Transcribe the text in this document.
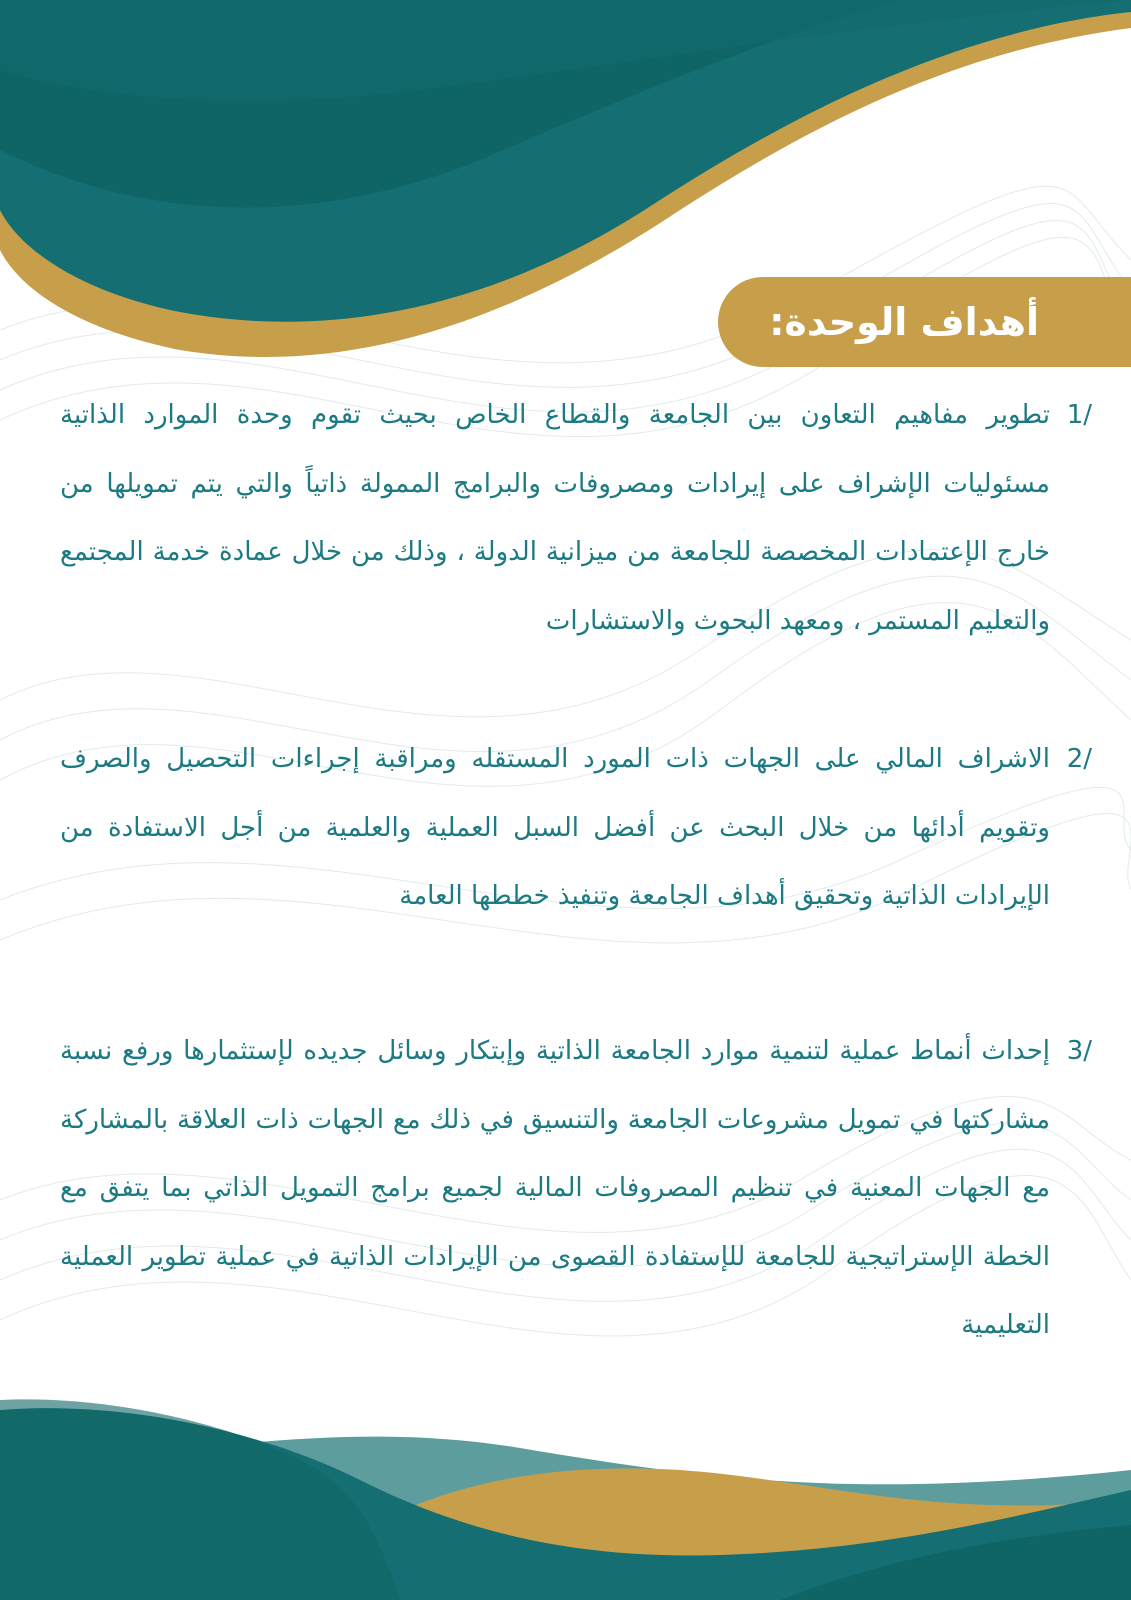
أهداف الوحدة:
1/
تطوير مفاهيم التعاون بين الجامعة والقطاع الخاص بحيث تقوم وحدة الموارد الذاتية مسئوليات الإشراف على إيرادات ومصروفات والبرامج الممولة ذاتياً والتي يتم تمويلها من خارج الإعتمادات المخصصة للجامعة من ميزانية الدولة ، وذلك من خلال عمادة خدمة المجتمع والتعليم المستمر ، ومعهد البحوث والاستشارات
2/
الاشراف المالي على الجهات ذات المورد المستقله ومراقبة إجراءات التحصيل والصرف وتقويم أدائها من خلال البحث عن أفضل السبل العملية والعلمية من أجل الاستفادة من الإيرادات الذاتية وتحقيق أهداف الجامعة وتنفيذ خططها العامة
3/
إحداث أنماط عملية لتنمية موارد الجامعة الذاتية وإبتكار وسائل جديده لإستثمارها ورفع نسبة مشاركتها في تمويل مشروعات الجامعة والتنسيق في ذلك مع الجهات ذات العلاقة بالمشاركة مع الجهات المعنية في تنظيم المصروفات المالية لجميع برامج التمويل الذاتي بما يتفق مع الخطة الإستراتيجية للجامعة للإستفادة القصوى من الإيرادات الذاتية في عملية تطوير العملية التعليمية
